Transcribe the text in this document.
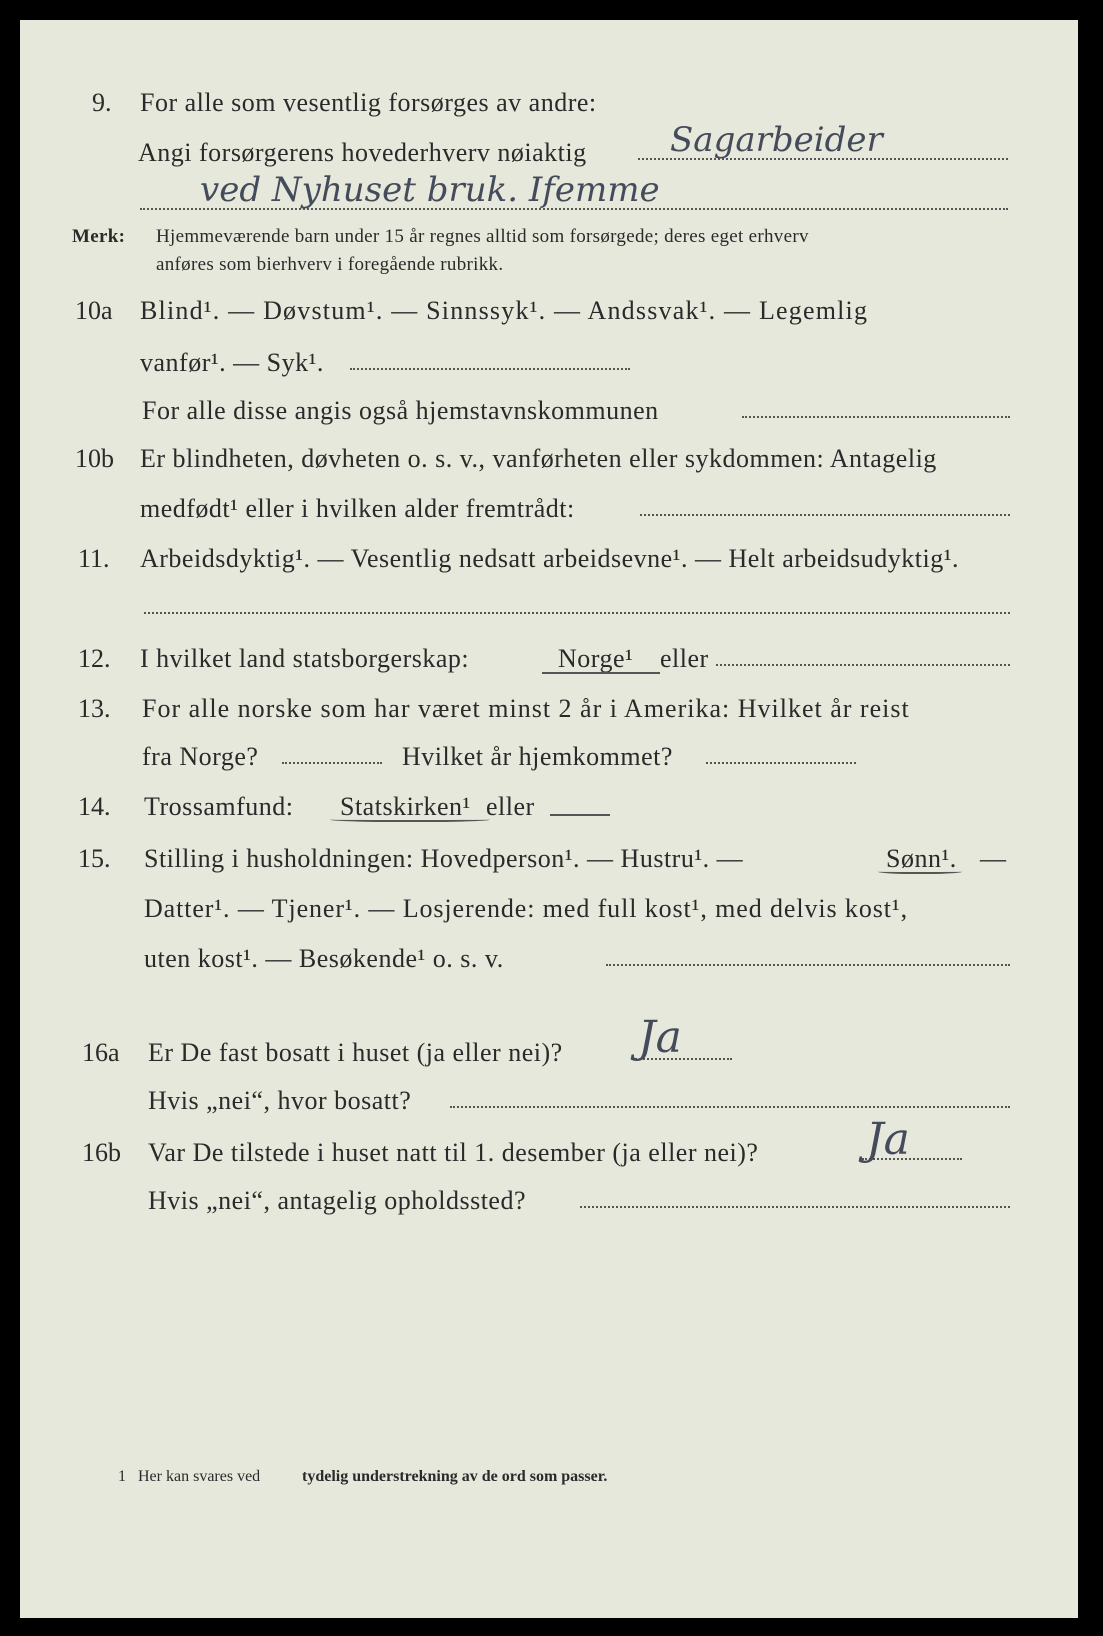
9. For alle som vesentlig forsørges av andre:
Angi forsørgerens hovederhverv nøiaktig Sagarbeider
ved Nyhuset bruk. Ifemme
Merk: Hjemmeværende barn under 15 år regnes alltid som forsørgede; deres eget erhverv
anføres som bierhverv i foregående rubrikk.
10a Blind¹. — Døvstum¹. — Sinnssyk¹. — Andssvak¹. — Legemlig
vanfør¹. — Syk¹.
For alle disse angis også hjemstavnskommunen
10b Er blindheten, døvheten o. s. v., vanførheten eller sykdommen: Antagelig
medfødt¹ eller i hvilken alder fremtrådt:
11. Arbeidsdyktig¹. — Vesentlig nedsatt arbeidsevne¹. — Helt arbeidsudyktig¹.
12. I hvilket land statsborgerskap:	Norge¹ eller
13. For alle norske som har været minst 2 år i Amerika: Hvilket år reist
fra Norge?	Hvilket år hjemkommet?
14. Trossamfund: Statskirken¹ eller
15. Stilling i husholdningen: Hovedperson¹. — Hustru¹. —	Sønn¹. —
Datter¹. — Tjener¹. — Losjerende: med full kost¹, med delvis kost¹,
uten kost¹. — Besøkende¹ o. s. v.
16a Er De fast bosatt i huset (ja eller nei)? Ja
Hvis „nei“, hvor bosatt?
16b Var De tilstede i huset natt til 1. desember (ja eller nei)? Ja
Hvis „nei“, antagelig opholdssted?
1 Her kan svares ved	tydelig understrekning av de ord som passer.
